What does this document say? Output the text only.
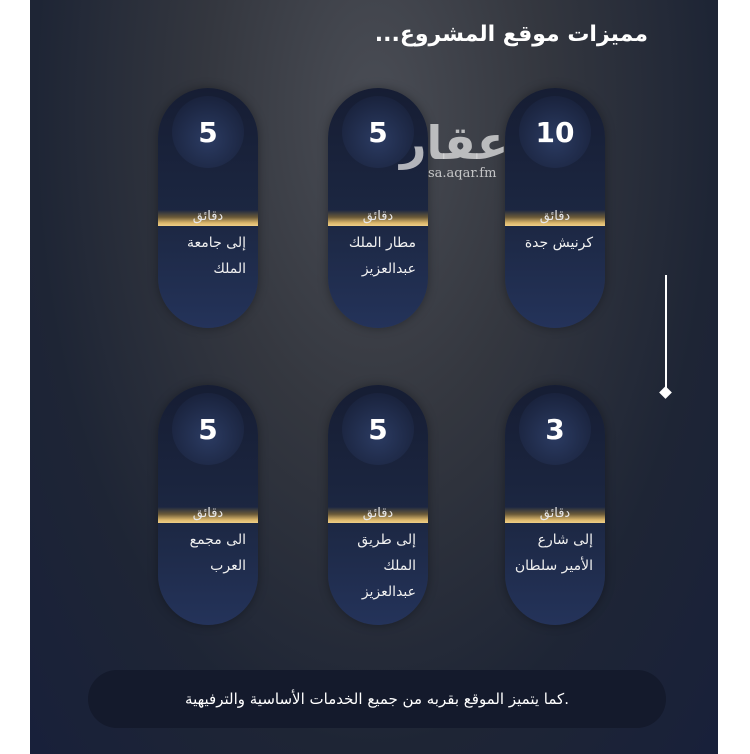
مميزات موقع المشروع...
5
دقائق
إلى جامعة الملك
5
دقائق
مطار الملك عبدالعزيز
10
دقائق
كرنيش جدة
5
دقائق
الى مجمع العرب
5
دقائق
إلى طريق الملك عبدالعزيز
3
دقائق
إلى شارع الأمير سلطان
عقار
sa.aqar.fm
.كما يتميز الموقع بقربه من جميع الخدمات الأساسية والترفيهية
